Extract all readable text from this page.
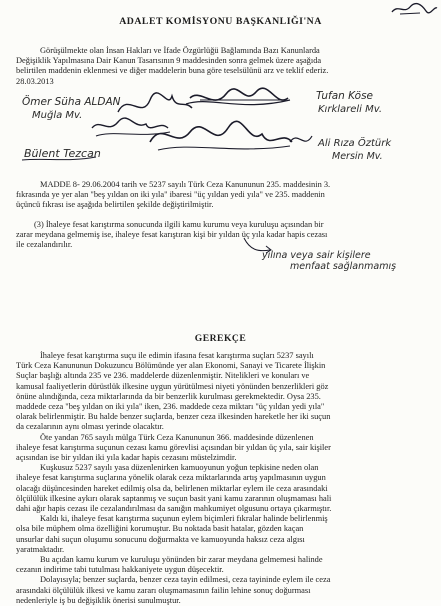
ADALET KOMİSYONU BAŞKANLIĞI'NA
Görüşülmekte olan İnsan Hakları ve İfade Özgürlüğü Bağlamında Bazı Kanunlarda
Değişiklik Yapılmasına Dair Kanun Tasarısının 9 maddesinden sonra gelmek üzere aşağıda
belirtilen maddenin eklenmesi ve diğer maddelerin buna göre teselsülünü arz ve teklif ederiz.
28.03.2013
Ömer Süha ALDAN
Muğla Mv.
Tufan Köse
Kırklareli Mv.
Bülent Tezcan
Ali Rıza Öztürk
Mersin Mv.
MADDE 8- 29.06.2004 tarih ve 5237 sayılı Türk Ceza Kanununun 235. maddesinin 3.
fıkrasında ye yer alan "beş yıldan on iki yıla" ibaresi "üç yıldan yedi yıla" ve 235. maddenin
üçüncü fıkrası ise aşağıda belirtilen şekilde değiştirilmiştir.
(3) İhaleye fesat karıştırma sonucunda ilgili kamu kurumu veya kuruluşu açısından bir
zarar meydana gelmemiş ise, ihaleye fesat karıştıran kişi bir yıldan üç yıla kadar hapis cezası
ile cezalandırılır.
yılına veya sair kişilere
menfaat sağlanmamış
GEREKÇE
İhaleye fesat karıştırma suçu ile edimin ifasına fesat karıştırma suçları 5237 sayılı
Türk Ceza Kanununun Dokuzuncu Bölümünde yer alan Ekonomi, Sanayi ve Ticarete İlişkin
Suçlar başlığı altında 235 ve 236. maddelerde düzenlenmiştir. Nitelikleri ve konuları ve
kamusal faaliyetlerin dürüstlük ilkesine uygun yürütülmesi niyeti yönünden benzerlikleri göz
önüne alındığında, ceza miktarlarında da bir benzerlik kurulması gerekmektedir. Oysa 235.
maddede ceza "beş yıldan on iki yıla" iken, 236. maddede ceza miktarı "üç yıldan yedi yıla"
olarak belirlenmiştir. Bu halde benzer suçlarda, benzer ceza ilkesinden hareketle her iki suçun
da cezalarının aynı olması yerinde olacaktır.
Öte yandan 765 sayılı mülga Türk Ceza Kanununun 366. maddesinde düzenlenen
ihaleye fesat karıştırma suçunun cezası kamu görevlisi açısından bir yıldan üç yıla, sair kişiler
açısından ise bir yıldan iki yıla kadar hapis cezasını müstelzimdir.
Kuşkusuz 5237 sayılı yasa düzenlenirken kamuoyunun yoğun tepkisine neden olan
ihaleye fesat karıştırma suçlarına yönelik olarak ceza miktarlarında artış yapılmasının uygun
olacağı düşüncesinden hareket edilmiş olsa da, belirlenen miktarlar eylem ile ceza arasındaki
ölçülülük ilkesine aykırı olarak saptanmış ve suçun basit yani kamu zararının oluşmaması hali
dahi ağır hapis cezası ile cezalandırılması da sanığın mahkumiyet olgusunu ortaya çıkarmıştır.
Kaldı ki, ihaleye fesat karıştırma suçunun eylem biçimleri fıkralar halinde belirlenmiş
olsa bile müphem olma özelliğini korumuştur. Bu noktada basit hatalar, gözden kaçan
unsurlar dahi suçun oluşumu sonucunu doğurmakta ve kamuoyunda haksız ceza algısı
yaratmaktadır.
Bu açıdan kamu kurum ve kuruluşu yönünden bir zarar meydana gelmemesi halinde
cezanın indirime tabi tutulması hakkaniyete uygun düşecektir.
Dolayısıyla; benzer suçlarda, benzer ceza tayin edilmesi, ceza tayininde eylem ile ceza
arasındaki ölçülülük ilkesi ve kamu zararı oluşmamasının failin lehine sonuç doğurması
nedenleriyle iş bu değişiklik önerisi sunulmuştur.
